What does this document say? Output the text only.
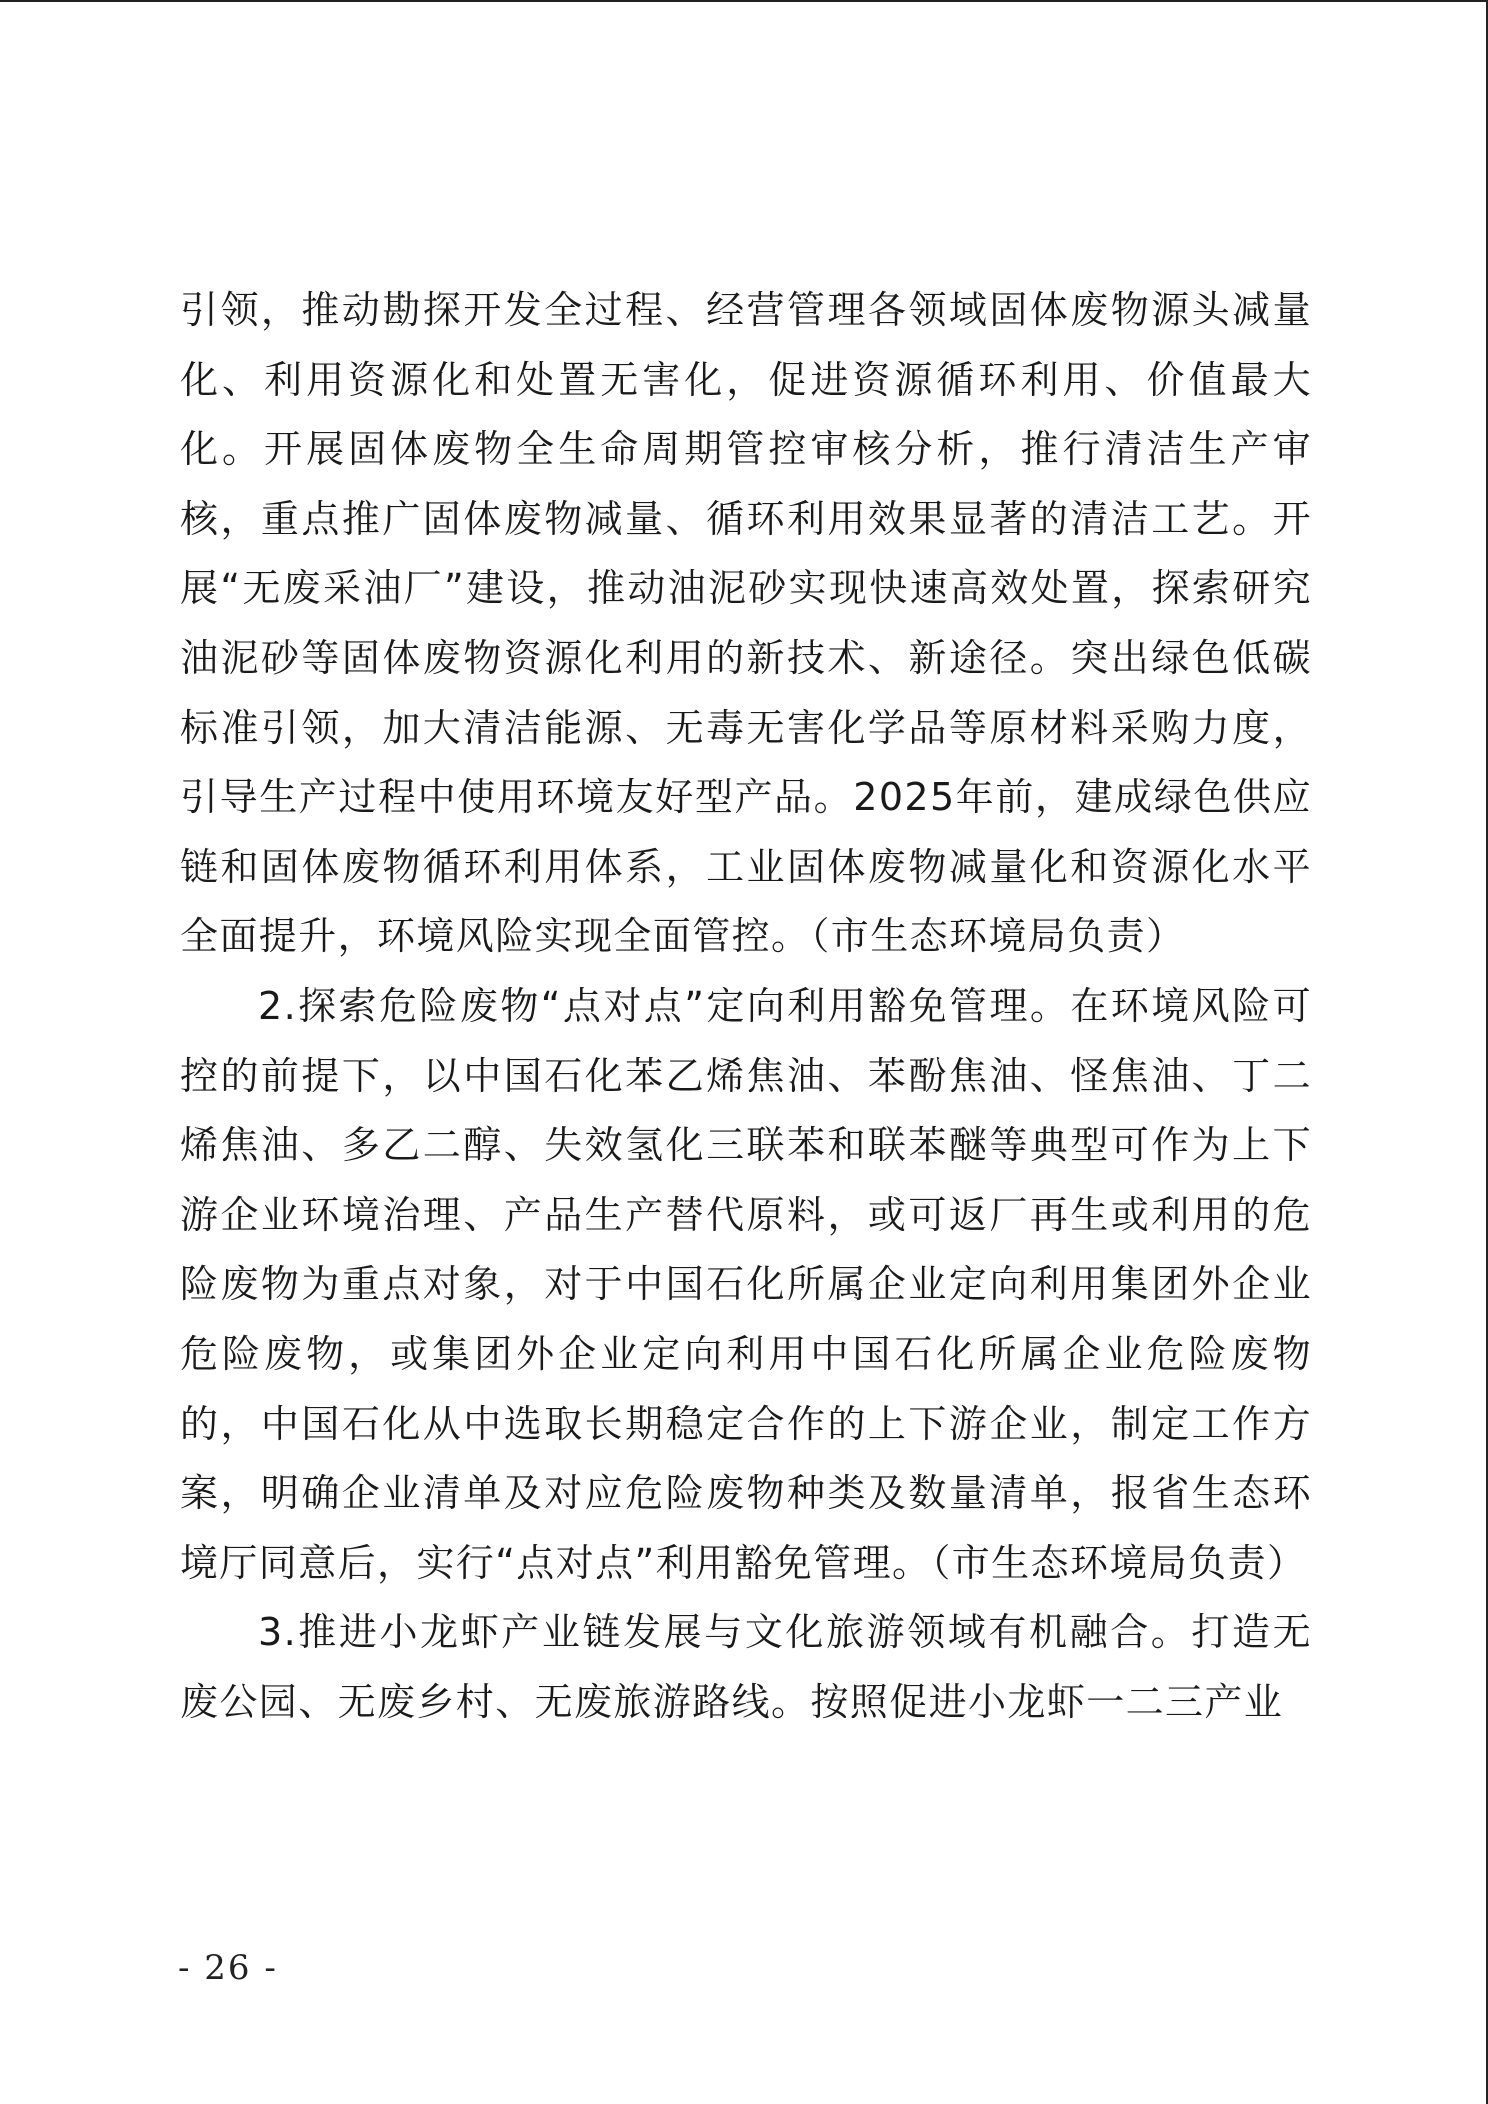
引领，推动勘探开发全过程、经营管理各领域固体废物源头减量化、利用资源化和处置无害化，促进资源循环利用、价值最大化。开展固体废物全生命周期管控审核分析，推行清洁生产审核，重点推广固体废物减量、循环利用效果显著的清洁工艺。开展“无废采油厂”建设，推动油泥砂实现快速高效处置，探索研究油泥砂等固体废物资源化利用的新技术、新途径。突出绿色低碳标准引领，加大清洁能源、无毒无害化学品等原材料采购力度，引导生产过程中使用环境友好型产品。2025年前，建成绿色供应链和固体废物循环利用体系，工业固体废物减量化和资源化水平全面提升，环境风险实现全面管控。（市生态环境局负责）

2.探索危险废物“点对点”定向利用豁免管理。在环境风险可控的前提下，以中国石化苯乙烯焦油、苯酚焦油、怪焦油、丁二烯焦油、多乙二醇、失效氢化三联苯和联苯醚等典型可作为上下游企业环境治理、产品生产替代原料，或可返厂再生或利用的危险废物为重点对象，对于中国石化所属企业定向利用集团外企业危险废物，或集团外企业定向利用中国石化所属企业危险废物的，中国石化从中选取长期稳定合作的上下游企业，制定工作方案，明确企业清单及对应危险废物种类及数量清单，报省生态环境厅同意后，实行“点对点”利用豁免管理。（市生态环境局负责）

3.推进小龙虾产业链发展与文化旅游领域有机融合。打造无废公园、无废乡村、无废旅游路线。按照促进小龙虾一二三产业

- 26 -
